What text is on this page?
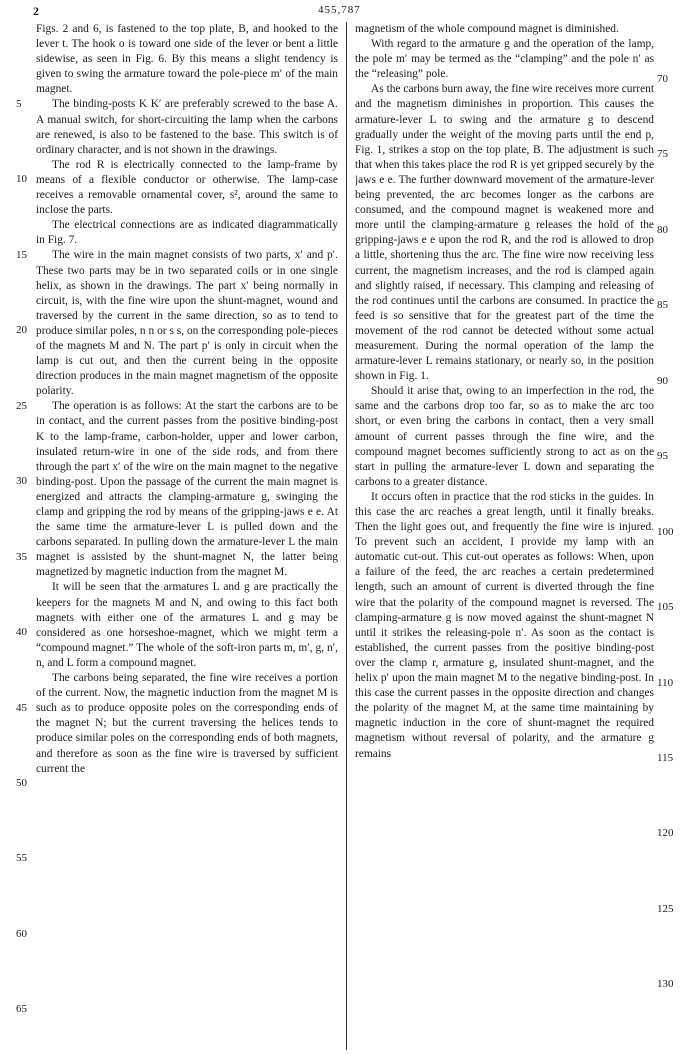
2	455,787

Figs. 2 and 6, is fastened to the top plate, B, and hooked to the lever t. The hook o is toward one side of the lever or bent a little sidewise, as seen in Fig. 6. By this means a slight tendency is given to swing the armature toward the pole-piece m′ of the main magnet.

The binding-posts K K′ are preferably screwed to the base A. A manual switch, for short-circuiting the lamp when the carbons are renewed, is also to be fastened to the base. This switch is of ordinary character, and is not shown in the drawings.

The rod R is electrically connected to the lamp-frame by means of a flexible conductor or otherwise. The lamp-case receives a removable ornamental cover, s², around the same to inclose the parts.

The electrical connections are as indicated diagrammatically in Fig. 7.

The wire in the main magnet consists of two parts, x′ and p′. These two parts may be in two separated coils or in one single helix, as shown in the drawings. The part x′ being normally in circuit, is, with the fine wire upon the shunt-magnet, wound and traversed by the current in the same direction, so as to tend to produce similar poles, n n or s s, on the corresponding pole-pieces of the magnets M and N. The part p′ is only in circuit when the lamp is cut out, and then the current being in the opposite direction produces in the main magnet magnetism of the opposite polarity.

The operation is as follows: At the start the carbons are to be in contact, and the current passes from the positive binding-post K to the lamp-frame, carbon-holder, upper and lower carbon, insulated return-wire in one of the side rods, and from there through the part x′ of the wire on the main magnet to the negative binding-post. Upon the passage of the current the main magnet is energized and attracts the clamping-armature g, swinging the clamp and gripping the rod by means of the gripping-jaws e e. At the same time the armature-lever L is pulled down and the carbons separated. In pulling down the armature-lever L the main magnet is assisted by the shunt-magnet N, the latter being magnetized by magnetic induction from the magnet M.

It will be seen that the armatures L and g are practically the keepers for the magnets M and N, and owing to this fact both magnets with either one of the armatures L and g may be considered as one horseshoe-magnet, which we might term a “compound magnet.” The whole of the soft-iron parts m, m′, g, n′, n, and L form a compound magnet.

The carbons being separated, the fine wire receives a portion of the current. Now, the magnetic induction from the magnet M is such as to produce opposite poles on the corresponding ends of the magnet N; but the current traversing the helices tends to produce similar poles on the corresponding ends of both magnets, and therefore as soon as the fine wire is traversed by sufficient current the

magnetism of the whole compound magnet is diminished.

With regard to the armature g and the operation of the lamp, the pole m′ may be termed as the “clamping” and the pole n′ as the “releasing” pole.

As the carbons burn away, the fine wire receives more current and the magnetism diminishes in proportion. This causes the armature-lever L to swing and the armature g to descend gradually under the weight of the moving parts until the end p, Fig. 1, strikes a stop on the top plate, B. The adjustment is such that when this takes place the rod R is yet gripped securely by the jaws e e. The further downward movement of the armature-lever being prevented, the arc becomes longer as the carbons are consumed, and the compound magnet is weakened more and more until the clamping-armature g releases the hold of the gripping-jaws e e upon the rod R, and the rod is allowed to drop a little, shortening thus the arc. The fine wire now receiving less current, the magnetism increases, and the rod is clamped again and slightly raised, if necessary. This clamping and releasing of the rod continues until the carbons are consumed. In practice the feed is so sensitive that for the greatest part of the time the movement of the rod cannot be detected without some actual measurement. During the normal operation of the lamp the armature-lever L remains stationary, or nearly so, in the position shown in Fig. 1.

Should it arise that, owing to an imperfection in the rod, the same and the carbons drop too far, so as to make the arc too short, or even bring the carbons in contact, then a very small amount of current passes through the fine wire, and the compound magnet becomes sufficiently strong to act as on the start in pulling the armature-lever L down and separating the carbons to a greater distance.

It occurs often in practice that the rod sticks in the guides. In this case the arc reaches a great length, until it finally breaks. Then the light goes out, and frequently the fine wire is injured. To prevent such an accident, I provide my lamp with an automatic cut-out. This cut-out operates as follows: When, upon a failure of the feed, the arc reaches a certain predetermined length, such an amount of current is diverted through the fine wire that the polarity of the compound magnet is reversed. The clamping-armature g is now moved against the shunt-magnet N until it strikes the releasing-pole n′. As soon as the contact is established, the current passes from the positive binding-post over the clamp r, armature g, insulated shunt-magnet, and the helix p′ upon the main magnet M to the negative binding-post. In this case the current passes in the opposite direction and changes the polarity of the magnet M, at the same time maintaining by magnetic induction in the core of shunt-magnet the required magnetism without reversal of polarity, and the armature g remains

5
10
15
20
25
30
35
40
45
50
55
60
65
70
75
80
85
90
95
100
105
110
115
120
125
130
